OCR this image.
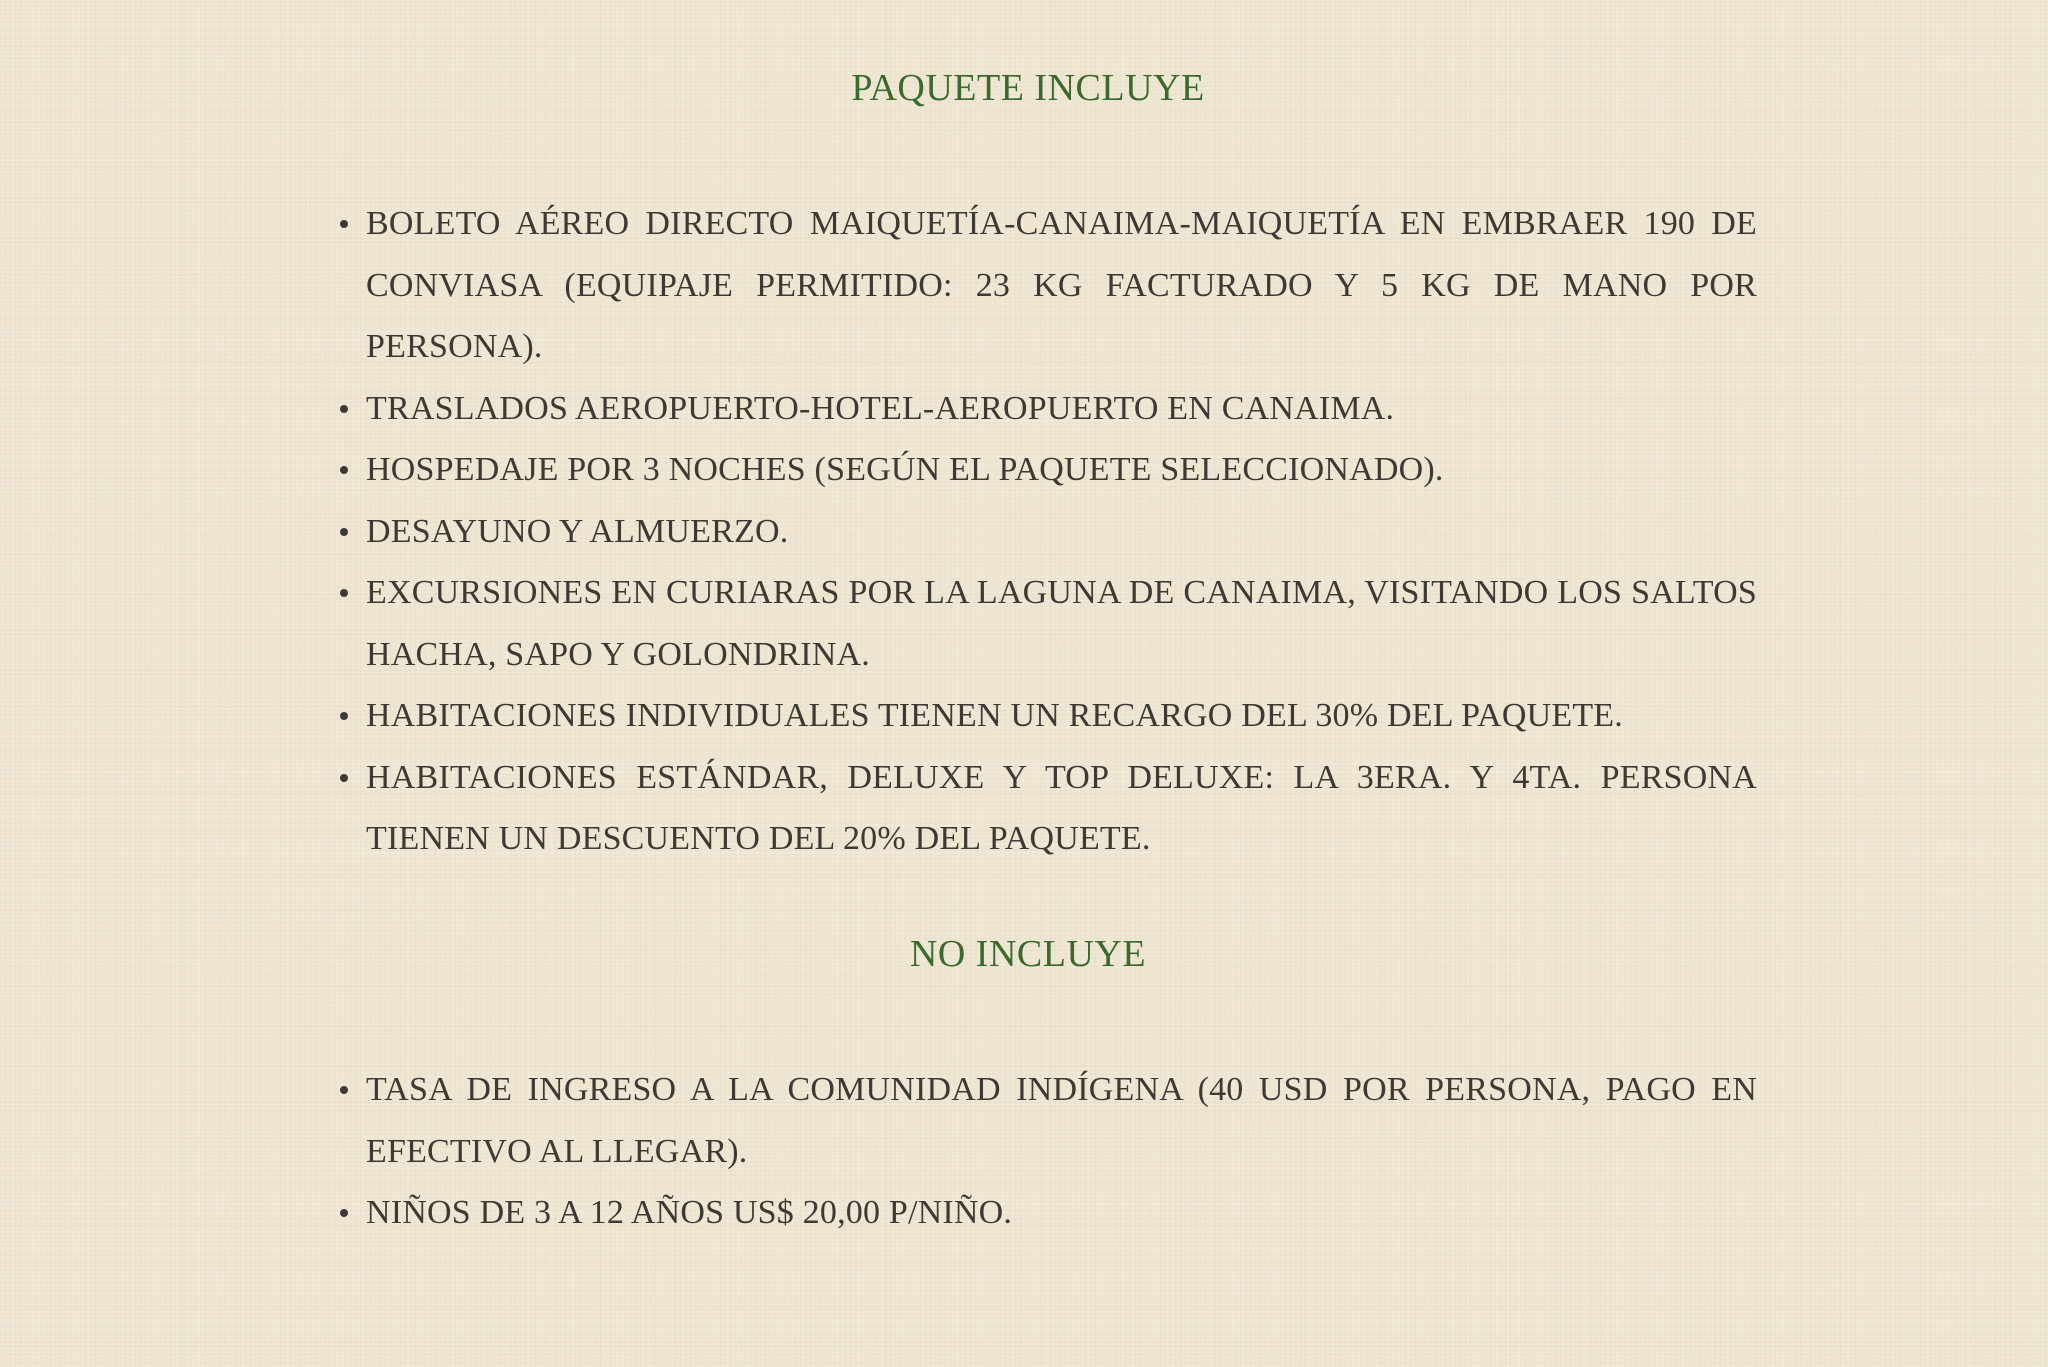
PAQUETE INCLUYE
BOLETO AÉREO DIRECTO MAIQUETÍA-CANAIMA-MAIQUETÍA EN EMBRAER 190 DE CONVIASA (EQUIPAJE PERMITIDO: 23 KG FACTURADO Y 5 KG DE MANO POR PERSONA).
TRASLADOS AEROPUERTO-HOTEL-AEROPUERTO EN CANAIMA.
HOSPEDAJE POR 3 NOCHES (SEGÚN EL PAQUETE SELECCIONADO).
DESAYUNO Y ALMUERZO.
EXCURSIONES EN CURIARAS POR LA LAGUNA DE CANAIMA, VISITANDO LOS SALTOS HACHA, SAPO Y GOLONDRINA.
HABITACIONES INDIVIDUALES TIENEN UN RECARGO DEL 30% DEL PAQUETE.
HABITACIONES ESTÁNDAR, DELUXE Y TOP DELUXE: LA 3ERA. Y 4TA. PERSONA TIENEN UN DESCUENTO DEL 20% DEL PAQUETE.
NO INCLUYE
TASA DE INGRESO A LA COMUNIDAD INDÍGENA (40 USD POR PERSONA, PAGO EN EFECTIVO AL LLEGAR).
NIÑOS DE 3 A 12 AÑOS US$ 20,00 P/NIÑO.
